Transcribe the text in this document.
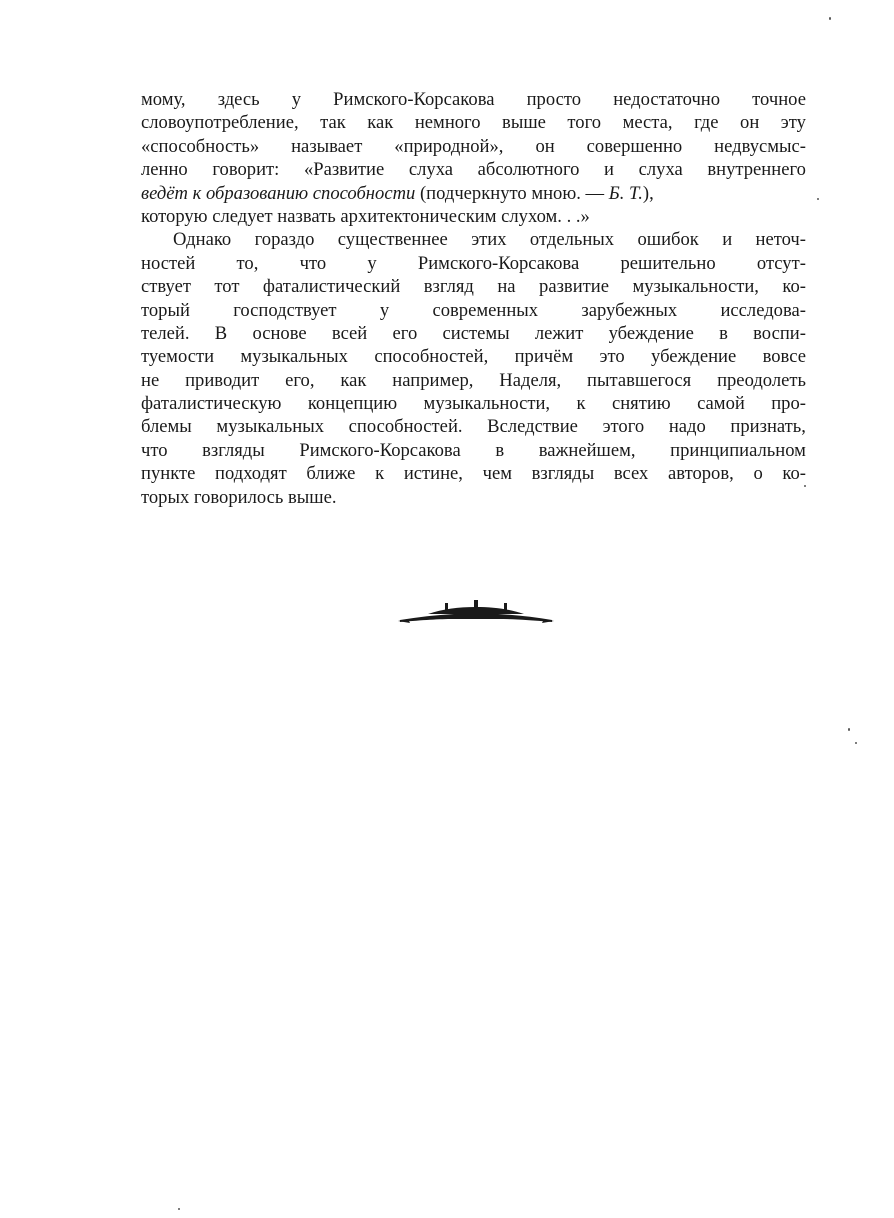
мому, здесь у Римского-Корсакова просто недостаточно точное
словоупотребление, так как немного выше того места, где он эту
«способность» называет «природной», он совершенно недвусмыс-
ленно говорит: «Развитие слуха абсолютного и слуха внутреннего
ведёт к образованию способности (подчеркнуто мною. — Б. Т. ),
которую следует назвать архитектоническим слухом. . .»
Однако гораздо существеннее этих отдельных ошибок и неточ-
ностей то, что у Римского-Корсакова решительно отсут-
ствует тот фаталистический взгляд на развитие музыкальности, ко-
торый господствует у современных зарубежных исследова-
телей. В основе всей его системы лежит убеждение в воспи-
туемости музыкальных способностей, причём это убеждение вовсе
не приводит его, как например, Наделя, пытавшегося преодолеть
фаталистическую концепцию музыкальности, к снятию самой про-
блемы музыкальных способностей. Вследствие этого надо признать,
что взгляды Римского-Корсакова в важнейшем, принципиальном
пункте подходят ближе к истине, чем взгляды всех авторов, о ко-
торых говорилось выше.
